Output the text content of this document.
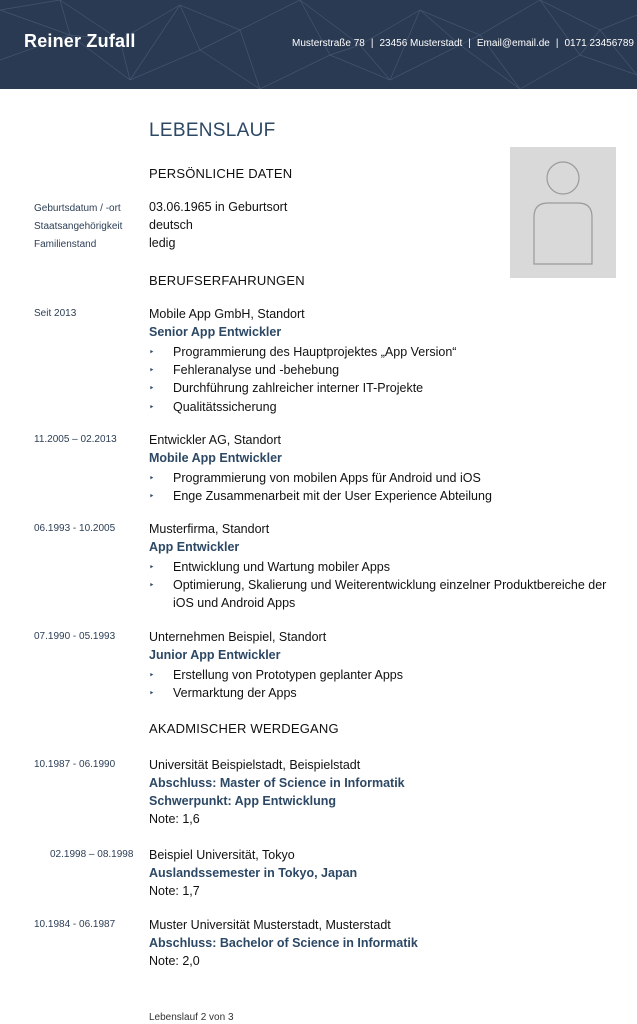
Reiner Zufall	Musterstraße 78 | 23456 Musterstadt | Email@email.de | 0171 23456789
LEBENSLAUF
PERSÖNLICHE DATEN
Geburtsdatum / -ort 03.06.1965 in Geburtsort
Staatsangehörigkeit deutsch
Familienstand	ledig
BERUFSERFAHRUNGEN
Seit 2013	Mobile App GmbH, Standort
Senior App Entwickler
‣ Programmierung des Hauptprojektes „App Version“
‣ Fehleranalyse und -behebung
‣ Durchführung zahlreicher interner IT-Projekte
‣ Qualitätssicherung
11.2005 – 02.2013	Entwickler AG, Standort
Mobile App Entwickler
‣ Programmierung von mobilen Apps für Android und iOS
‣ Enge Zusammenarbeit mit der User Experience Abteilung
06.1993 - 10.2005	Musterfirma, Standort
App Entwickler
‣ Entwicklung und Wartung mobiler Apps
‣ Optimierung, Skalierung und Weiterentwicklung einzelner Produktbereiche der iOS und Android Apps
07.1990 - 05.1993	Unternehmen Beispiel, Standort
Junior App Entwickler
‣ Erstellung von Prototypen geplanter Apps
‣ Vermarktung der Apps
AKADMISCHER WERDEGANG
10.1987 - 06.1990	Universität Beispielstadt, Beispielstadt
Abschluss: Master of Science in Informatik
Schwerpunkt: App Entwicklung
Note: 1,6
02.1998 – 08.1998 Beispiel Universität, Tokyo
Auslandssemester in Tokyo, Japan
Note: 1,7
10.1984 - 06.1987	Muster Universität Musterstadt, Musterstadt
Abschluss: Bachelor of Science in Informatik
Note: 2,0
Lebenslauf 2 von 3
